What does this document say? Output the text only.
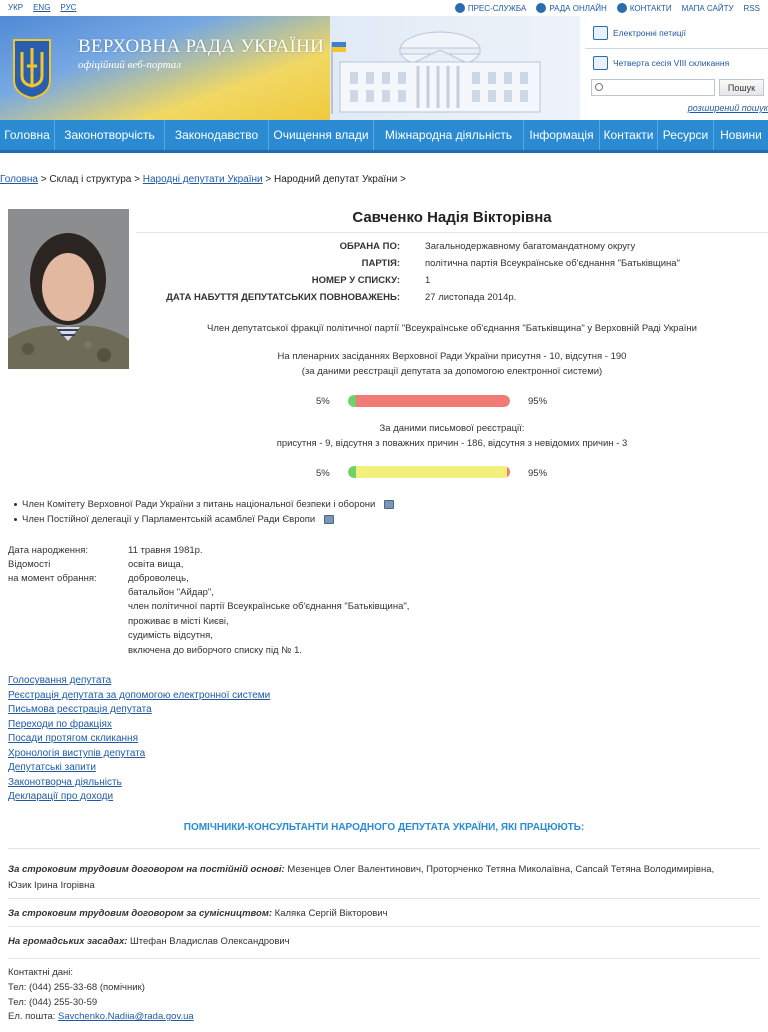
УКР ENG РУС	ПРЕС-СЛУЖБА	РАДА ОНЛАЙН	КОНТАКТИ МАПА САЙТУ RSS
ВЕРХОВНА РАДА УКРАЇНИ
офіційний веб-портал
Електронні петиції
Четверта сесія VIII скликання
Пошук
розширений пошук
Головна	Законотворчість	Законодавство	Очищення влади	Міжнародна діяльність	Інформація Контакти Ресурси Новини
Головна > Склад і структура > Народні депутати України > Народний депутат України >
Савченко Надія Вікторівна
ОБРАНА ПО:	Загальнодержавному багатомандатному округу
ПАРТІЯ:	політична партія Всеукраїнське об'єднання "Батьківщина"
НОМЕР У СПИСКУ:	1
ДАТА НАБУТТЯ ДЕПУТАТСЬКИХ ПОВНОВАЖЕНЬ:	27 листопада 2014р.
Член депутатської фракції політичної партії "Всеукраїнське об'єднання "Батьківщина" у Верховній Раді України
На пленарних засіданнях Верховної Ради України присутня - 10, відсутня - 190
(за даними реєстрації депутата за допомогою електронної системи)
5%	95%
За даними письмової реєстрації:
присутня - 9, відсутня з поважних причин - 186, відсутня з невідомих причин - 3
5%	95%
Член Комітету Верховної Ради України з питань національної безпеки і оборони
Член Постійної делегації у Парламентській асамблеї Ради Європи
Дата народження:	11 травня 1981р.
Відомості
на момент обрання:
освіта вища,
доброволець,
батальйон "Айдар",
член політичної партії Всеукраїнське об'єднання "Батьківщина",
проживає в місті Києві,
судимість відсутня,
включена до виборчого списку під № 1.
Голосування депутата
Реєстрація депутата за допомогою електронної системи
Письмова реєстрація депутата
Переходи по фракціях
Посади протягом скликання
Хронологія виступів депутата
Депутатські запити
Законотворча діяльність
Декларації про доходи
ПОМІЧНИКИ-КОНСУЛЬТАНТИ НАРОДНОГО ДЕПУТАТА УКРАЇНИ, ЯКІ ПРАЦЮЮТЬ:
За строковим трудовим договором на постійній основі: Мезенцев Олег Валентинович, Проторченко Тетяна Миколаївна, Сапсай Тетяна Володимирівна, Юзик Ірина Ігорівна
За строковим трудовим договором за сумісництвом: Каляка Сергій Вікторович
На громадських засадах: Штефан Владислав Олександрович
Контактні дані:
Тел: (044) 255-33-68 (помічник)
Тел: (044) 255-30-59
Ел. пошта: Savchenko.Nadiia@rada.gov.ua
